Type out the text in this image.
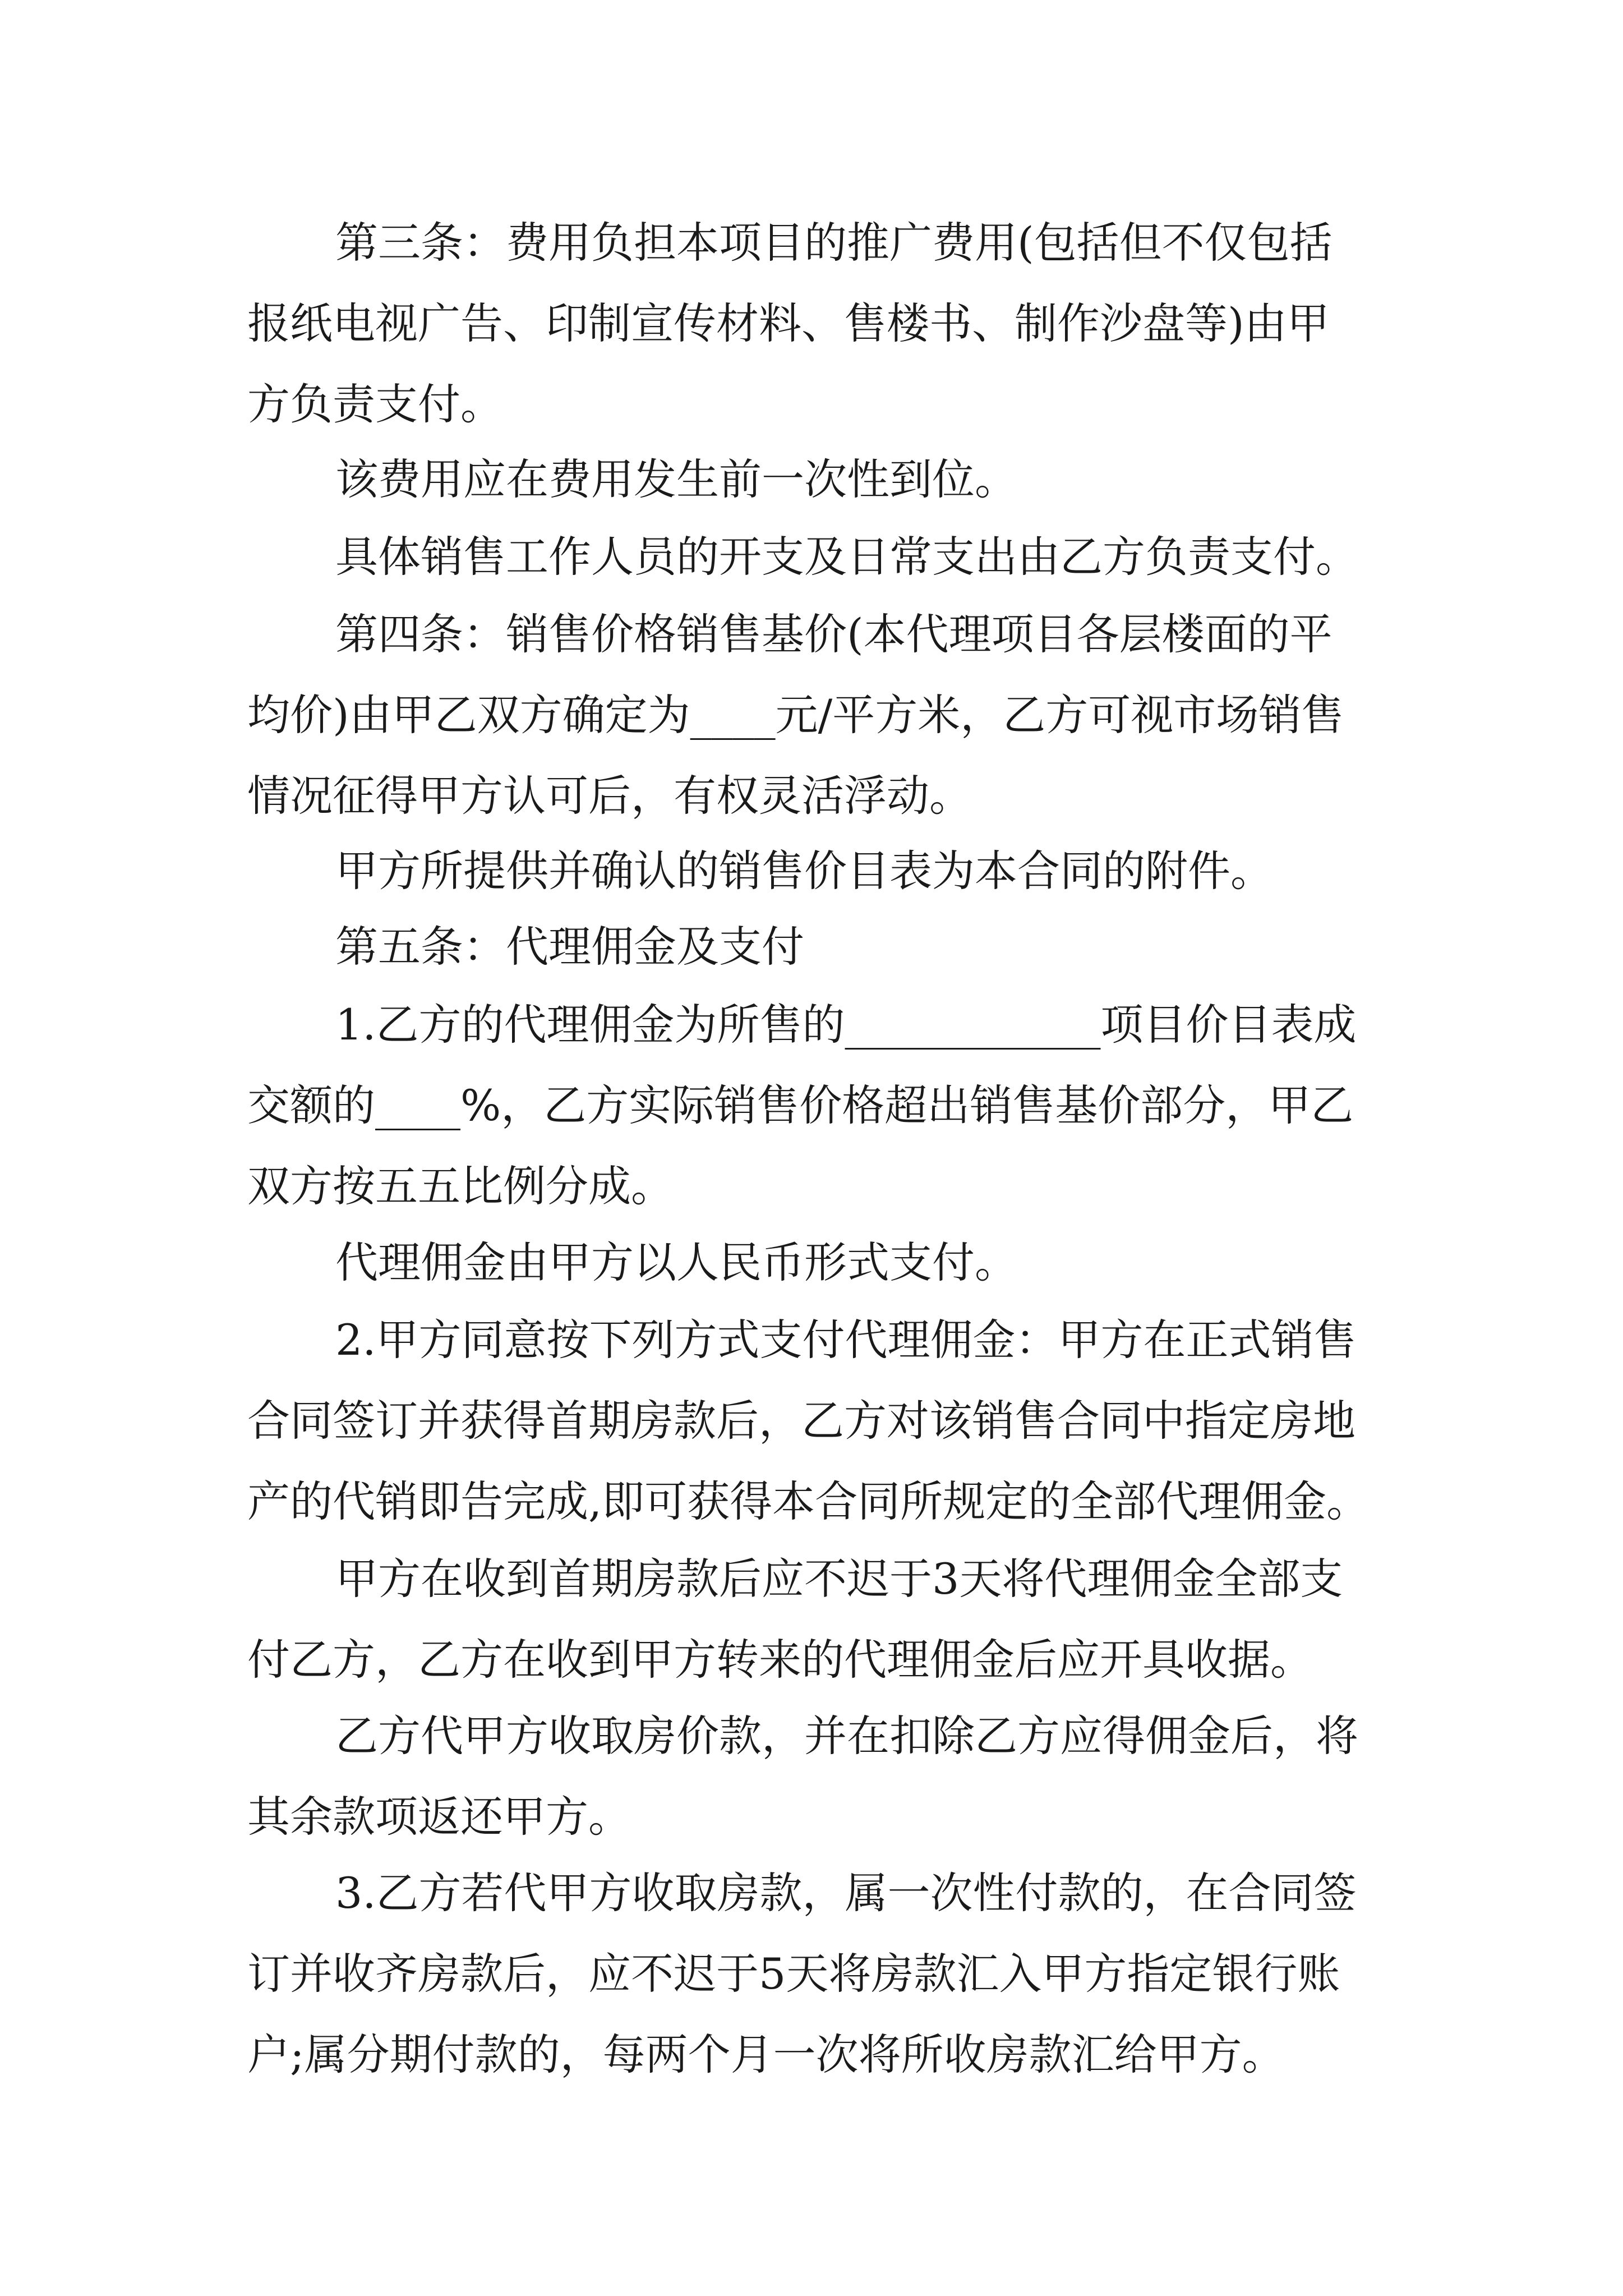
第三条：费用负担本项目的推广费用(包括但不仅包括
报纸电视广告、印制宣传材料、售楼书、制作沙盘等)由甲
方负责支付。
该费用应在费用发生前一次性到位。
具体销售工作人员的开支及日常支出由乙方负责支付。
第四条：销售价格销售基价(本代理项目各层楼面的平
均价)由甲乙双方确定为____元/平方米，乙方可视市场销售
情况征得甲方认可后，有权灵活浮动。
甲方所提供并确认的销售价目表为本合同的附件。
第五条：代理佣金及支付
1.乙方的代理佣金为所售的____________项目价目表成
交额的____%，乙方实际销售价格超出销售基价部分，甲乙
双方按五五比例分成。
代理佣金由甲方以人民币形式支付。
2.甲方同意按下列方式支付代理佣金：甲方在正式销售
合同签订并获得首期房款后，乙方对该销售合同中指定房地
产的代销即告完成,即可获得本合同所规定的全部代理佣金。
甲方在收到首期房款后应不迟于3天将代理佣金全部支
付乙方，乙方在收到甲方转来的代理佣金后应开具收据。
乙方代甲方收取房价款，并在扣除乙方应得佣金后，将
其余款项返还甲方。
3.乙方若代甲方收取房款，属一次性付款的，在合同签
订并收齐房款后，应不迟于5天将房款汇入甲方指定银行账
户;属分期付款的，每两个月一次将所收房款汇给甲方。
